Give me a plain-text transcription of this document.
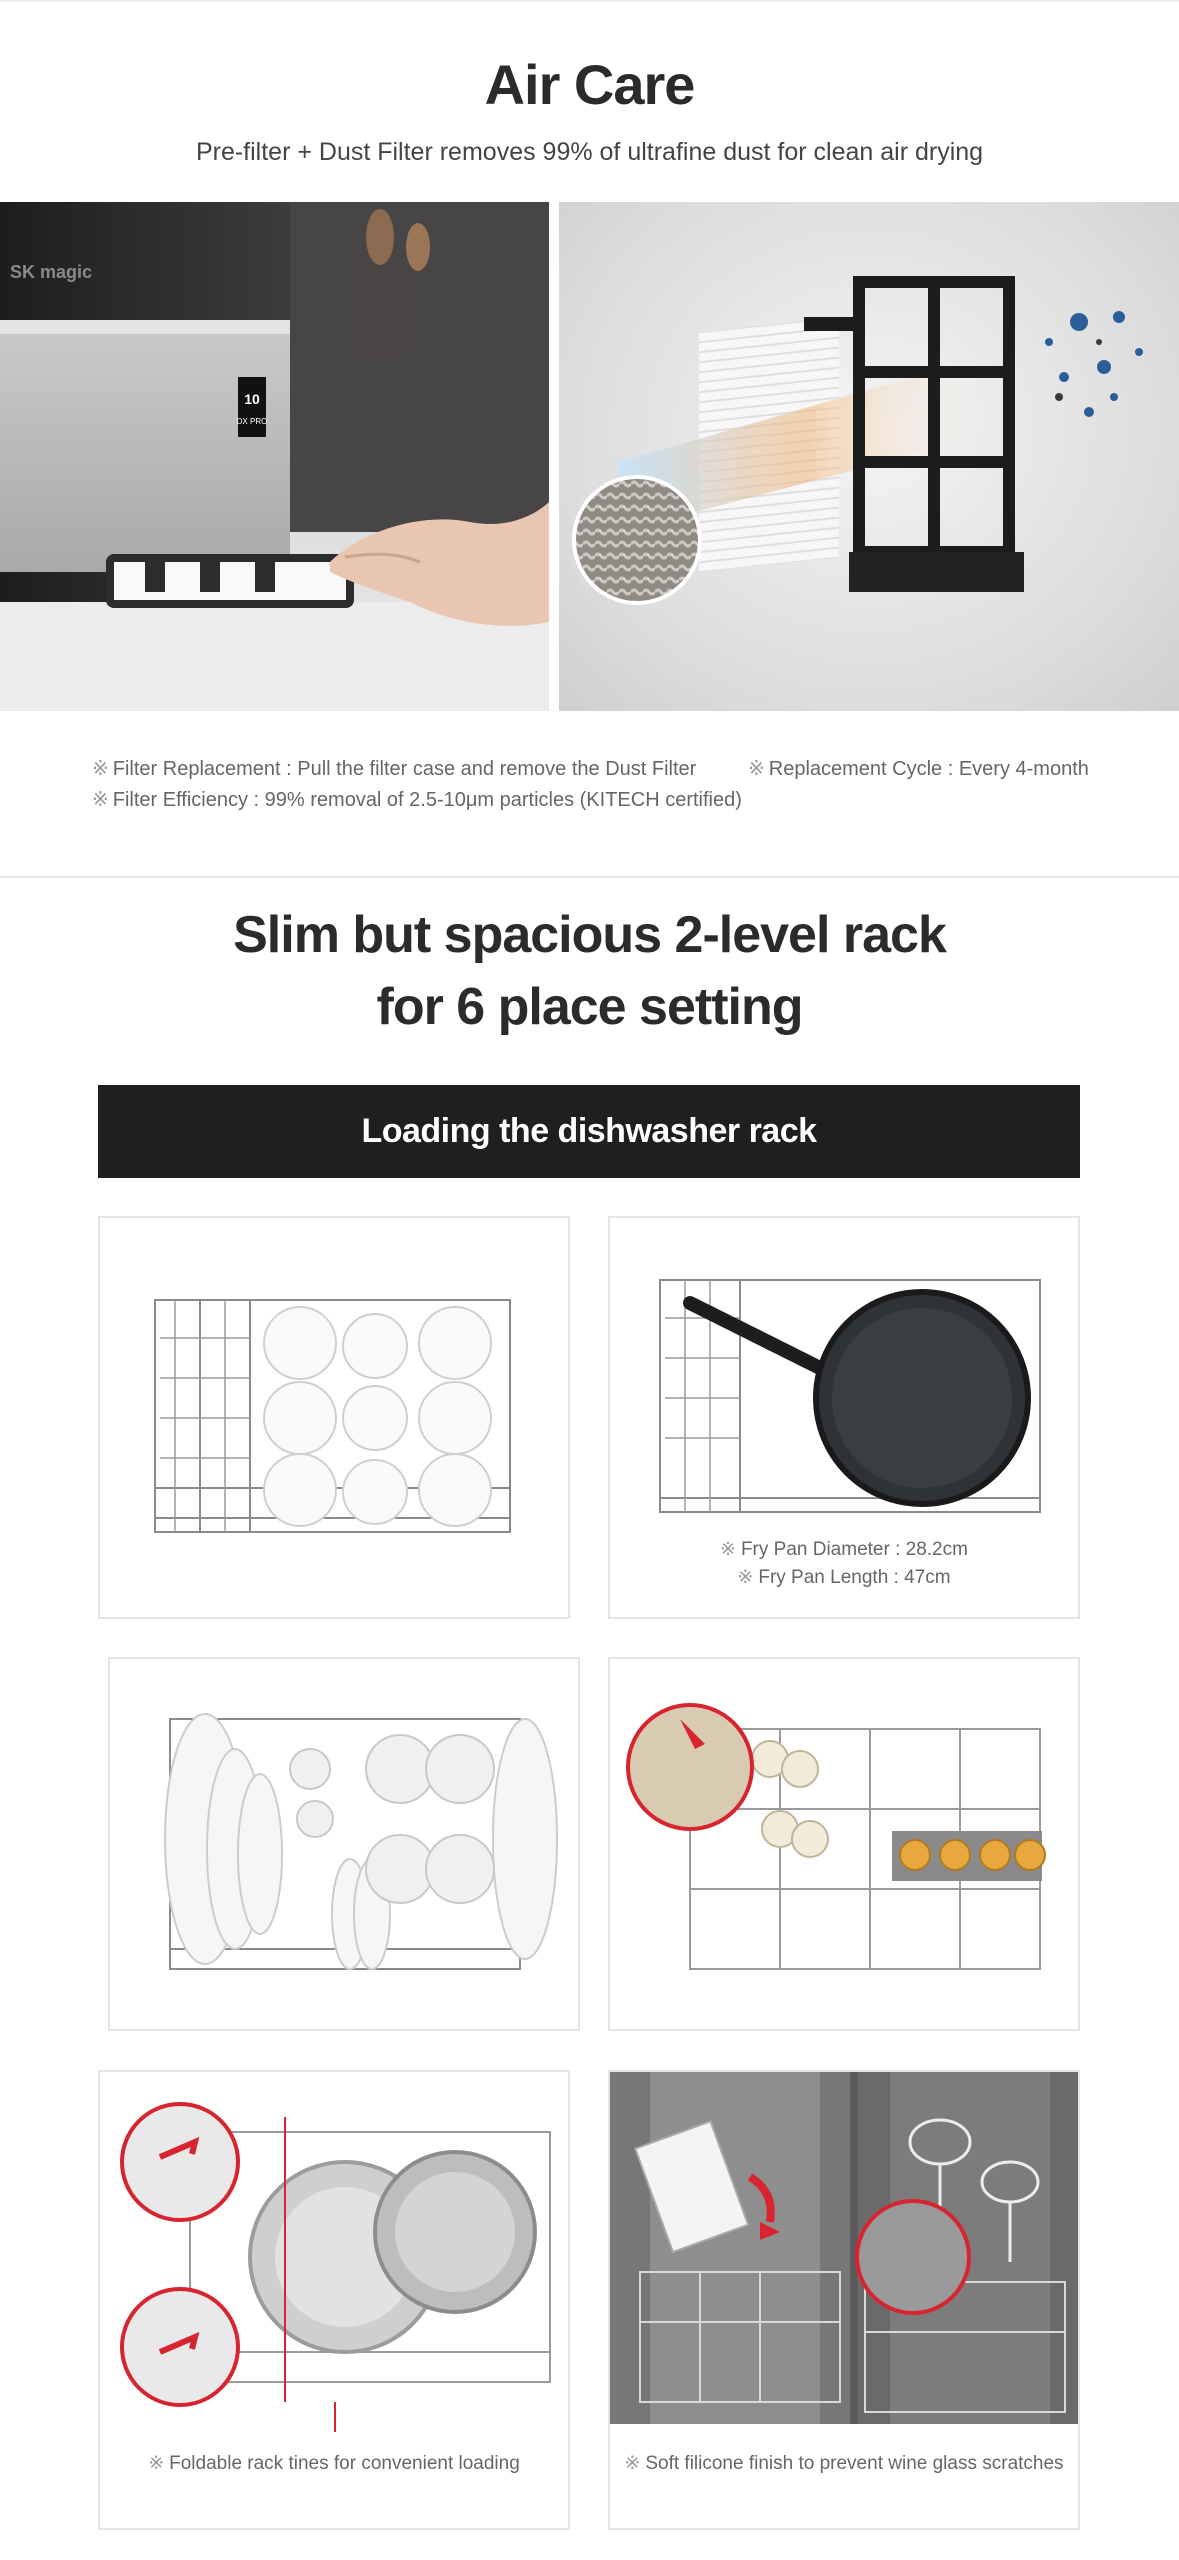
Air Care
Pre-filter + Dust Filter removes 99% of ultrafine dust for clean air drying
10
DX PRO
SK magic
※ Filter Replacement : Pull the filter case and remove the Dust Filter	※ Replacement Cycle : Every 4-month
※ Filter Efficiency : 99% removal of 2.5-10μm particles (KITECH certified)
Slim but spacious 2-level rack
for 6 place setting
Loading the dishwasher rack
※ Fry Pan Diameter : 28.2cm
※ Fry Pan Length : 47cm
※ Foldable rack tines for convenient loading	※ Soft filicone finish to prevent wine glass scratches
